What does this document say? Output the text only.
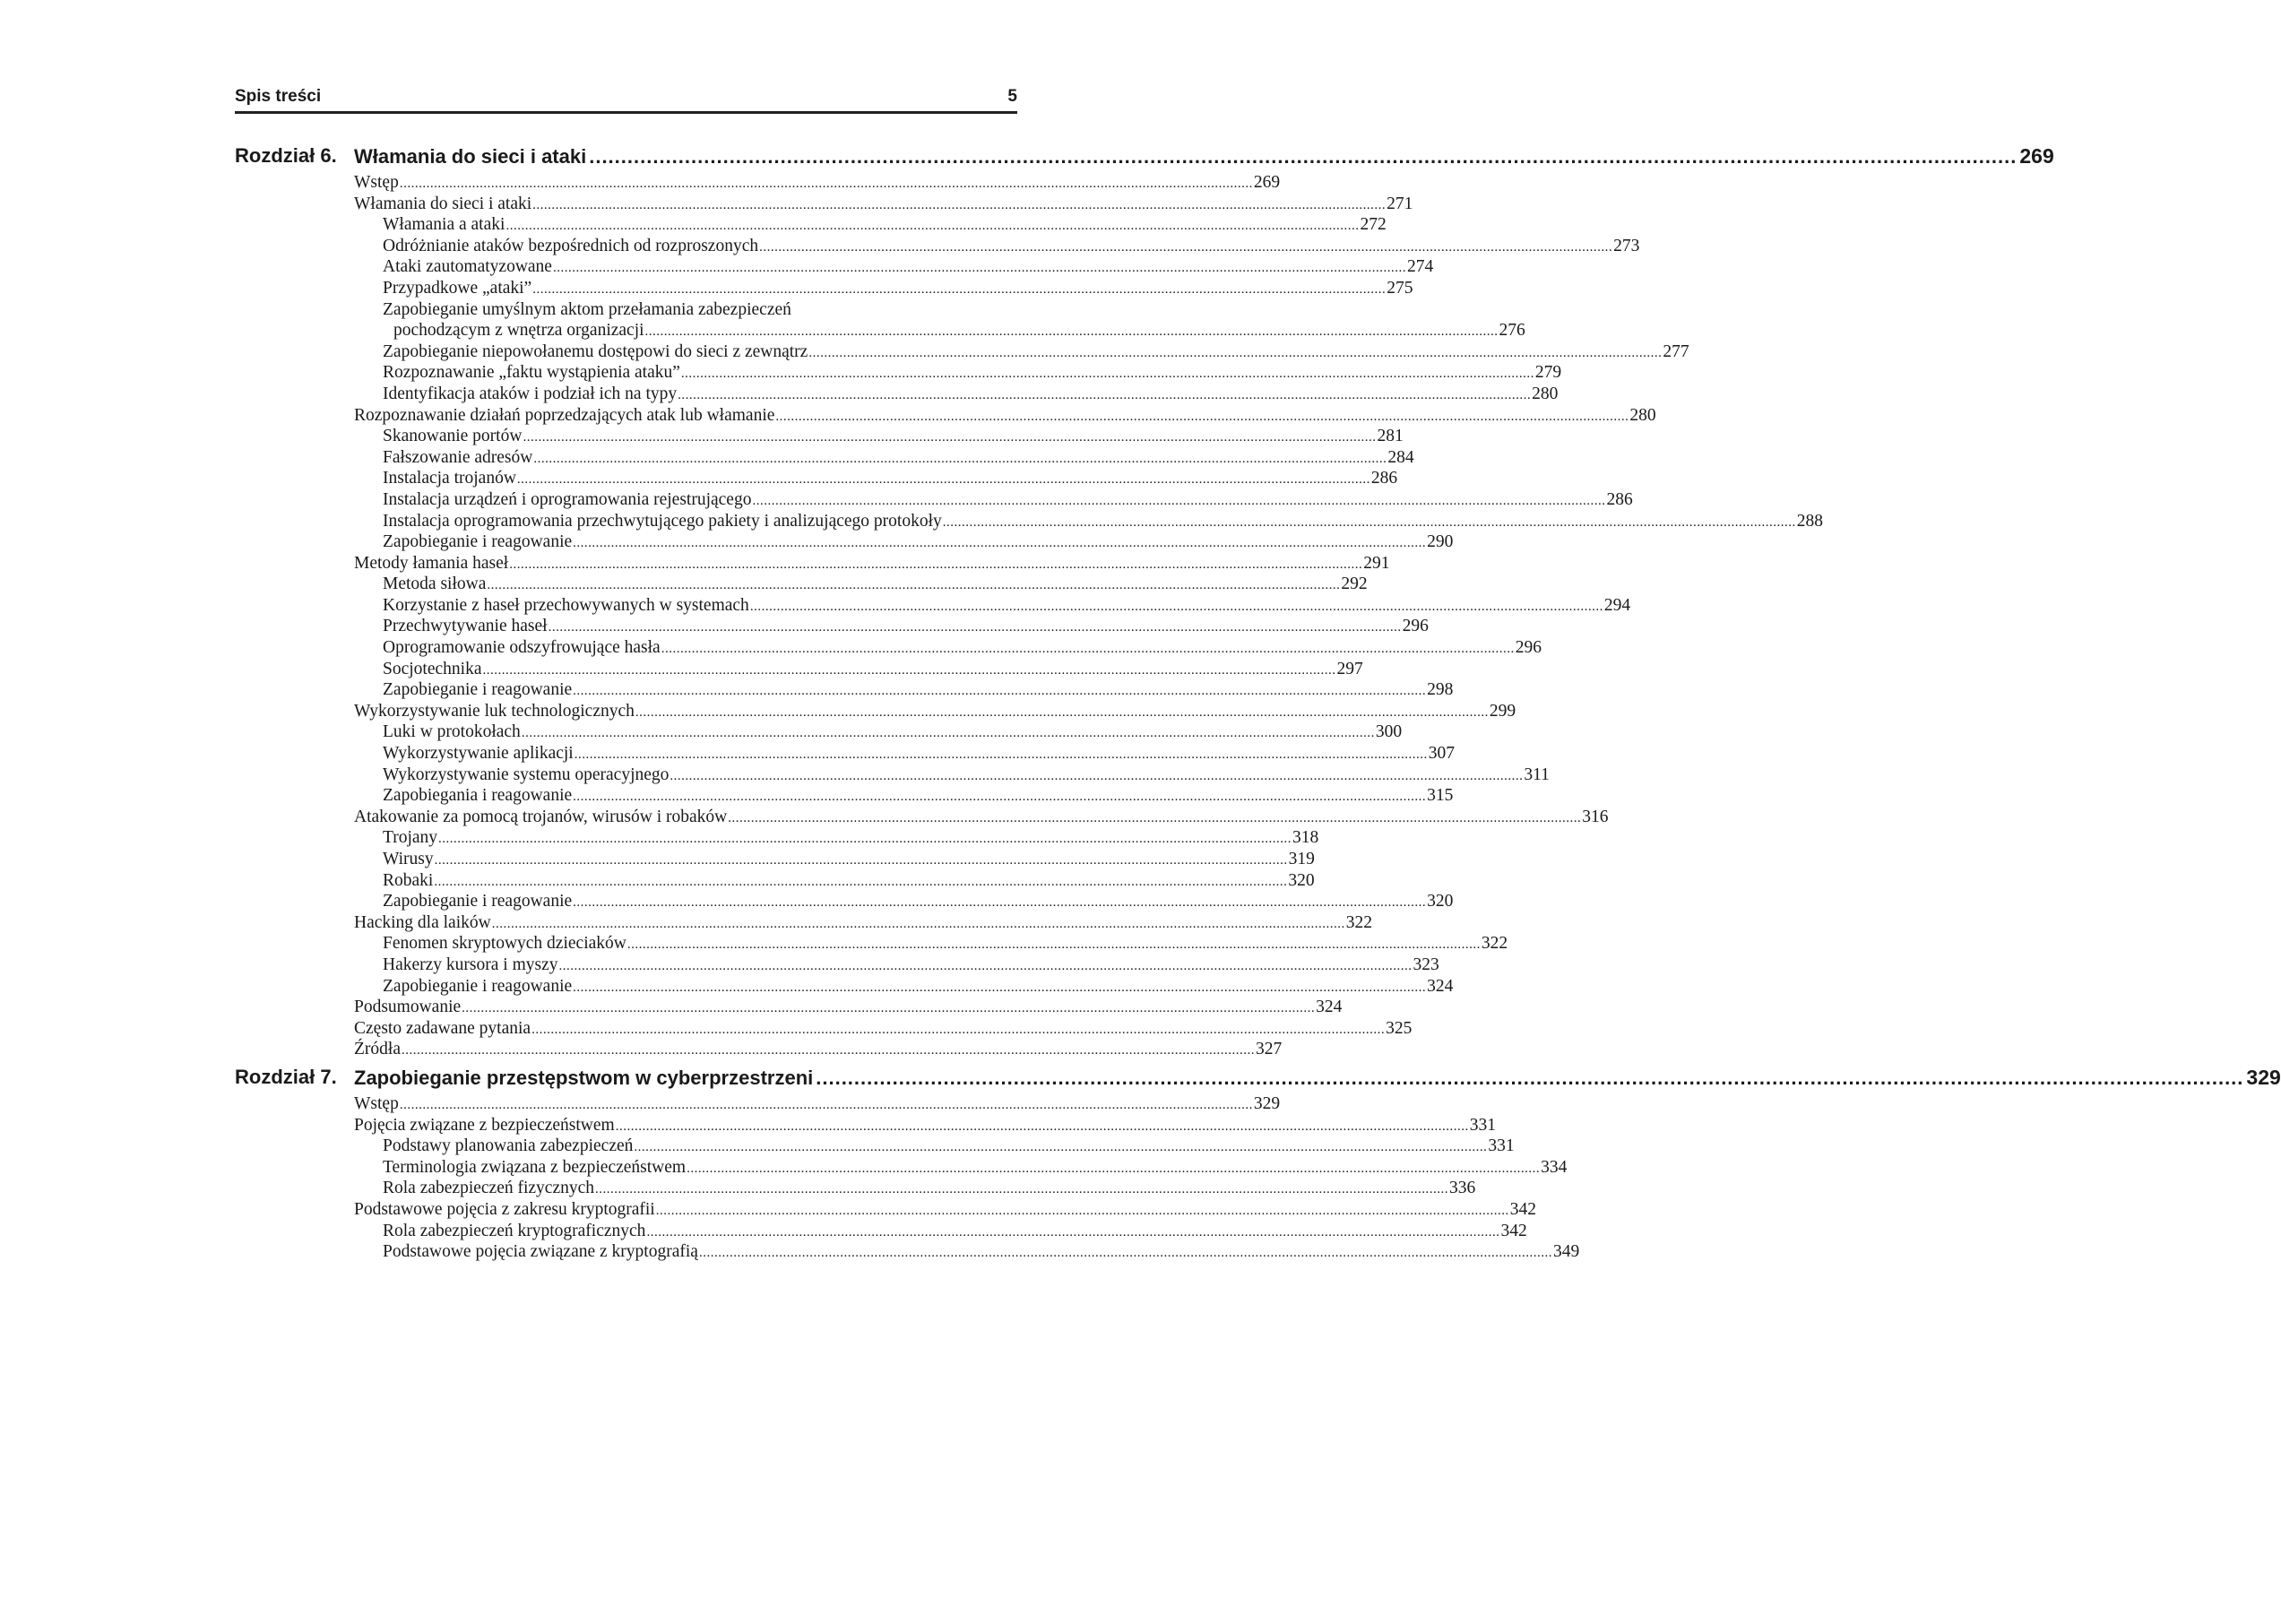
Spis treści	5
Rozdział 6. Włamania do sieci i ataki ................................................................................................................................................................................................................................ 269
Wstęp ................................................................................................................................................................................................................................ 269
Włamania do sieci i ataki ................................................................................................................................................................................................................................ 271
Włamania a ataki ................................................................................................................................................................................................................................ 272
Odróżnianie ataków bezpośrednich od rozproszonych ................................................................................................................................................................................................................................ 273
Ataki zautomatyzowane ................................................................................................................................................................................................................................ 274
Przypadkowe „ataki” ................................................................................................................................................................................................................................ 275
Zapobieganie umyślnym aktom przełamania zabezpieczeń
pochodzącym z wnętrza organizacji ................................................................................................................................................................................................................................ 276
Zapobieganie niepowołanemu dostępowi do sieci z zewnątrz ................................................................................................................................................................................................................................ 277
Rozpoznawanie „faktu wystąpienia ataku” ................................................................................................................................................................................................................................ 279
Identyfikacja ataków i podział ich na typy ................................................................................................................................................................................................................................ 280
Rozpoznawanie działań poprzedzających atak lub włamanie ................................................................................................................................................................................................................................ 280
Skanowanie portów ................................................................................................................................................................................................................................ 281
Fałszowanie adresów ................................................................................................................................................................................................................................ 284
Instalacja trojanów ................................................................................................................................................................................................................................ 286
Instalacja urządzeń i oprogramowania rejestrującego ................................................................................................................................................................................................................................ 286
Instalacja oprogramowania przechwytującego pakiety i analizującego protokoły ................................................................................................................................................................................................................................ 288
Zapobieganie i reagowanie ................................................................................................................................................................................................................................ 290
Metody łamania haseł ................................................................................................................................................................................................................................ 291
Metoda siłowa ................................................................................................................................................................................................................................ 292
Korzystanie z haseł przechowywanych w systemach ................................................................................................................................................................................................................................ 294
Przechwytywanie haseł ................................................................................................................................................................................................................................ 296
Oprogramowanie odszyfrowujące hasła ................................................................................................................................................................................................................................ 296
Socjotechnika ................................................................................................................................................................................................................................ 297
Zapobieganie i reagowanie ................................................................................................................................................................................................................................ 298
Wykorzystywanie luk technologicznych ................................................................................................................................................................................................................................ 299
Luki w protokołach ................................................................................................................................................................................................................................ 300
Wykorzystywanie aplikacji ................................................................................................................................................................................................................................ 307
Wykorzystywanie systemu operacyjnego ................................................................................................................................................................................................................................ 311
Zapobiegania i reagowanie ................................................................................................................................................................................................................................ 315
Atakowanie za pomocą trojanów, wirusów i robaków ................................................................................................................................................................................................................................ 316
Trojany ................................................................................................................................................................................................................................ 318
Wirusy ................................................................................................................................................................................................................................ 319
Robaki ................................................................................................................................................................................................................................ 320
Zapobieganie i reagowanie ................................................................................................................................................................................................................................ 320
Hacking dla laików ................................................................................................................................................................................................................................ 322
Fenomen skryptowych dzieciaków ................................................................................................................................................................................................................................ 322
Hakerzy kursora i myszy ................................................................................................................................................................................................................................ 323
Zapobieganie i reagowanie ................................................................................................................................................................................................................................ 324
Podsumowanie ................................................................................................................................................................................................................................ 324
Często zadawane pytania ................................................................................................................................................................................................................................ 325
Źródła ................................................................................................................................................................................................................................ 327
Rozdział 7. Zapobieganie przestępstwom w cyberprzestrzeni ................................................................................................................................................................................................................................ 329
Wstęp ................................................................................................................................................................................................................................ 329
Pojęcia związane z bezpieczeństwem ................................................................................................................................................................................................................................ 331
Podstawy planowania zabezpieczeń ................................................................................................................................................................................................................................ 331
Terminologia związana z bezpieczeństwem ................................................................................................................................................................................................................................ 334
Rola zabezpieczeń fizycznych ................................................................................................................................................................................................................................ 336
Podstawowe pojęcia z zakresu kryptografii ................................................................................................................................................................................................................................ 342
Rola zabezpieczeń kryptograficznych ................................................................................................................................................................................................................................ 342
Podstawowe pojęcia związane z kryptografią ................................................................................................................................................................................................................................ 349
